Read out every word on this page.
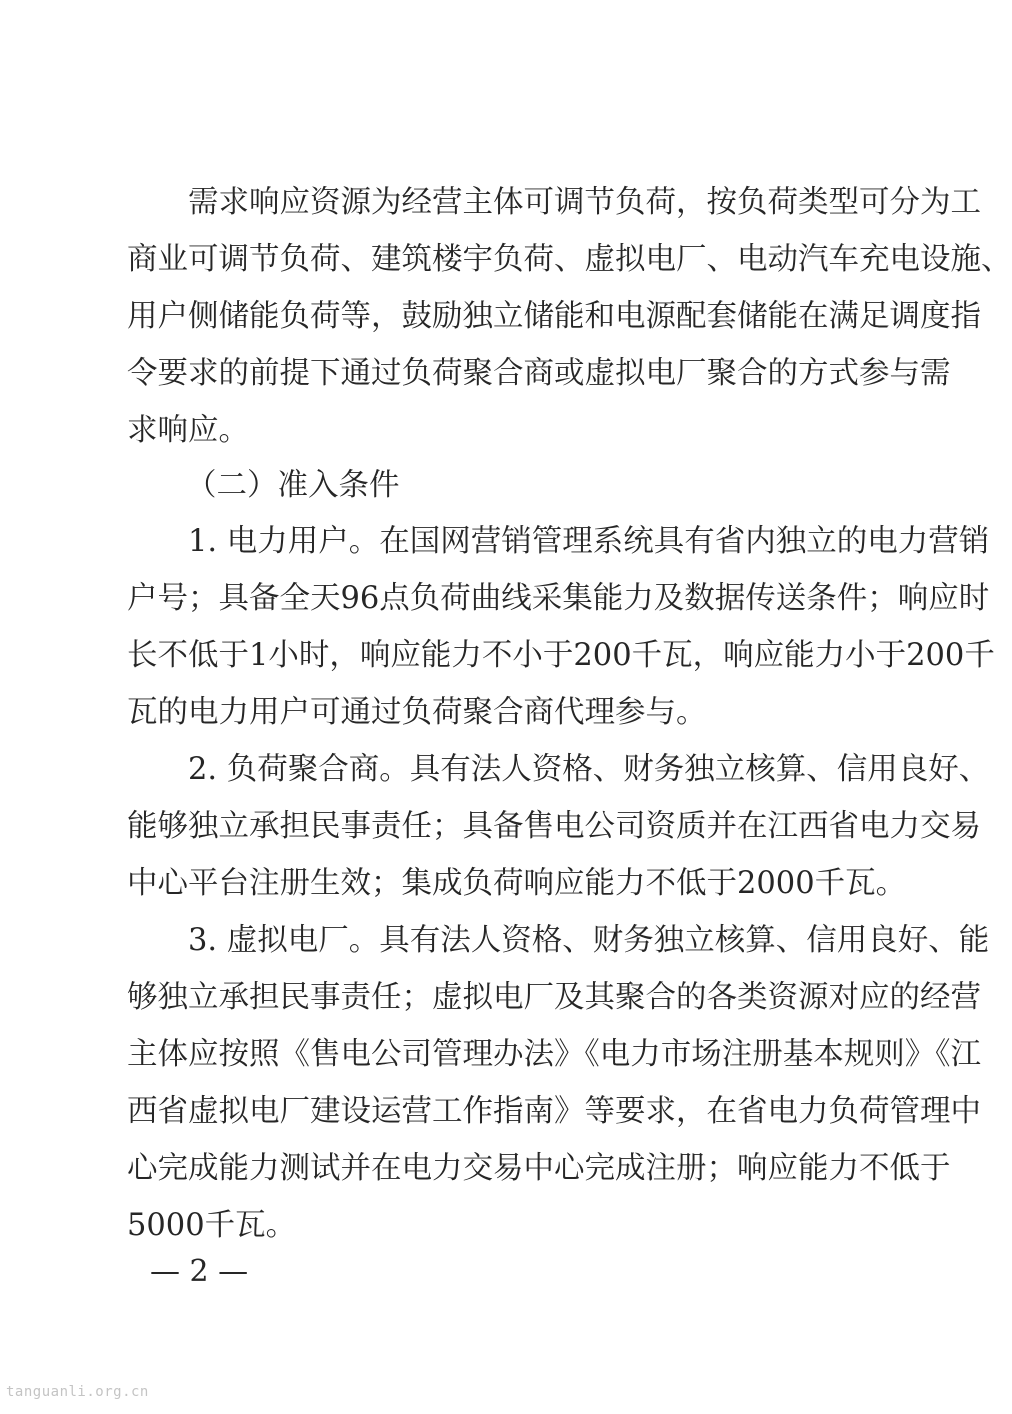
需求响应资源为经营主体可调节负荷，按负荷类型可分为工
商业可调节负荷、建筑楼宇负荷、虚拟电厂、电动汽车充电设施、
用户侧储能负荷等，鼓励独立储能和电源配套储能在满足调度指
令要求的前提下通过负荷聚合商或虚拟电厂聚合的方式参与需
求响应。
（二）准入条件
1. 电力用户。在国网营销管理系统具有省内独立的电力营销
户号；具备全天96点负荷曲线采集能力及数据传送条件；响应时
长不低于1小时，响应能力不小于200千瓦，响应能力小于200千
瓦的电力用户可通过负荷聚合商代理参与。
2. 负荷聚合商。具有法人资格、财务独立核算、信用良好、
能够独立承担民事责任；具备售电公司资质并在江西省电力交易
中心平台注册生效；集成负荷响应能力不低于2000千瓦。
3. 虚拟电厂。具有法人资格、财务独立核算、信用良好、能
够独立承担民事责任；虚拟电厂及其聚合的各类资源对应的经营
主体应按照《售电公司管理办法》《电力市场注册基本规则》《江
西省虚拟电厂建设运营工作指南》等要求，在省电力负荷管理中
心完成能力测试并在电力交易中心完成注册；响应能力不低于
5000千瓦。
— 2 —
tanguanli.org.cn
